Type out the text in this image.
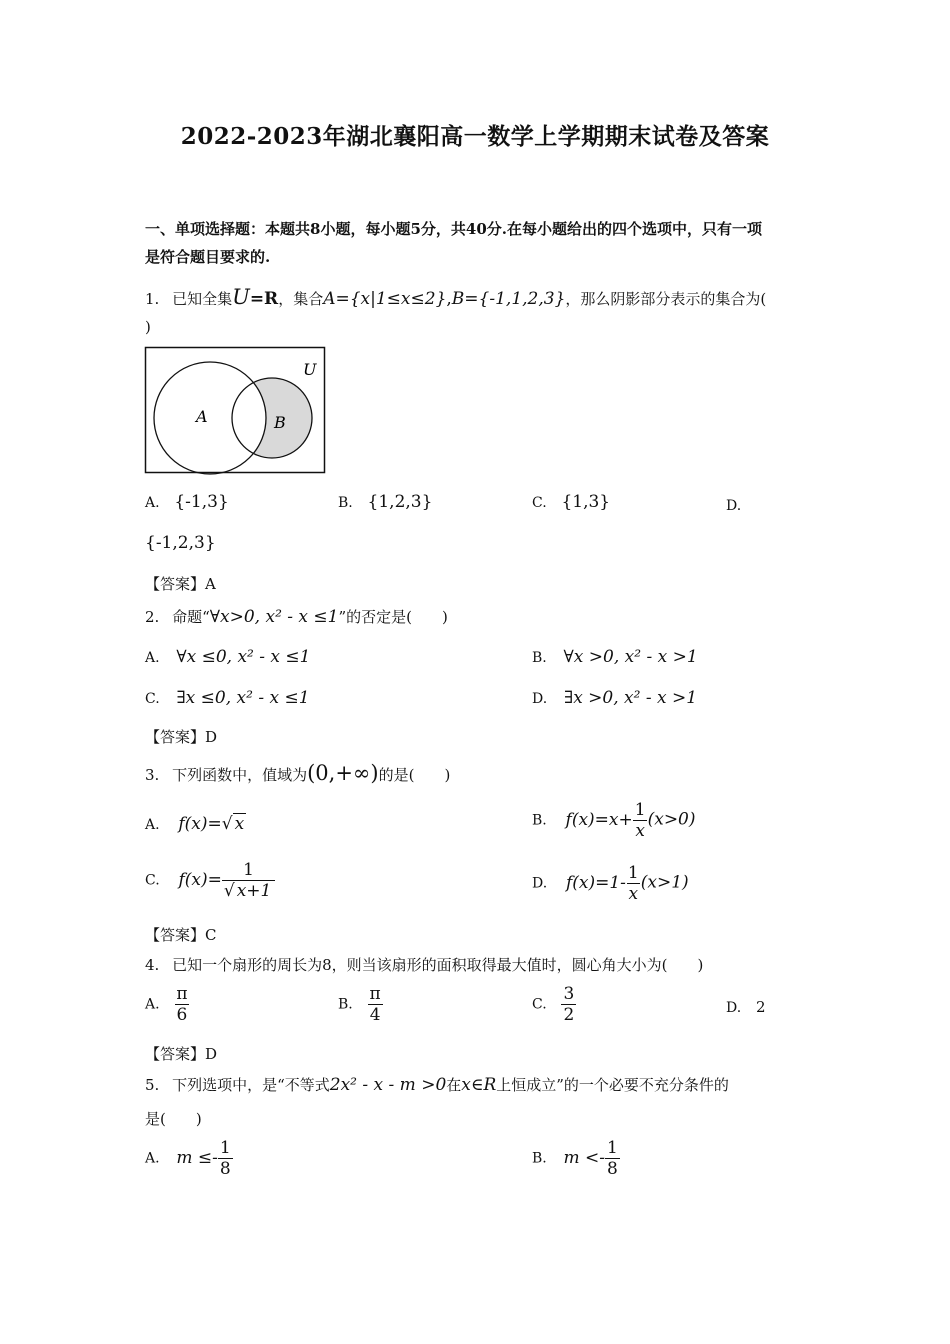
2022-2023年湖北襄阳高一数学上学期期末试卷及答案
一、单项选择题：本题共8小题，每小题5分，共40分.在每小题给出的四个选项中，只有一项
是符合题目要求的.
1. 已知全集U=R，集合A={x|1≤x≤2},B={-1,1,2,3}，那么阴影部分表示的集合为(
)
A	B
U
A. {-1,3}	B. {1,2,3}	C. {1,3}	D.
{-1,2,3}
【答案】A
2. 命题“∀x>0, x² - x ≤1”的否定是(　　)
A. ∀x ≤0, x² - x ≤1	B. ∀x >0, x² - x >1
C. ∃x ≤0, x² - x ≤1	D. ∃x >0, x² - x >1
【答案】D
3. 下列函数中，值域为(0,+∞)的是(　　)
A. f(x)=√ x	B. $f(x)=x+ \frac{1}{x} (x>0)$
C. $f(x)= \frac{1}{√ x+1}$	D. $f(x)=1- \frac{1}{x} (x>1)$
【答案】C
4. 已知一个扇形的周长为8，则当该扇形的面积取得最大值时，圆心角大小为(　　)
A. $\frac{\pi}{6}$	B. $\frac{\pi}{4}$	C. $\frac{3}{2}$	D. 2
【答案】D
5. 下列选项中，是“不等式2x² - x - m >0在x∈R上恒成立”的一个必要不充分条件的
是(　　)
A. $m \le- \frac{1}{8}$	B. $m <- \frac{1}{8}$
